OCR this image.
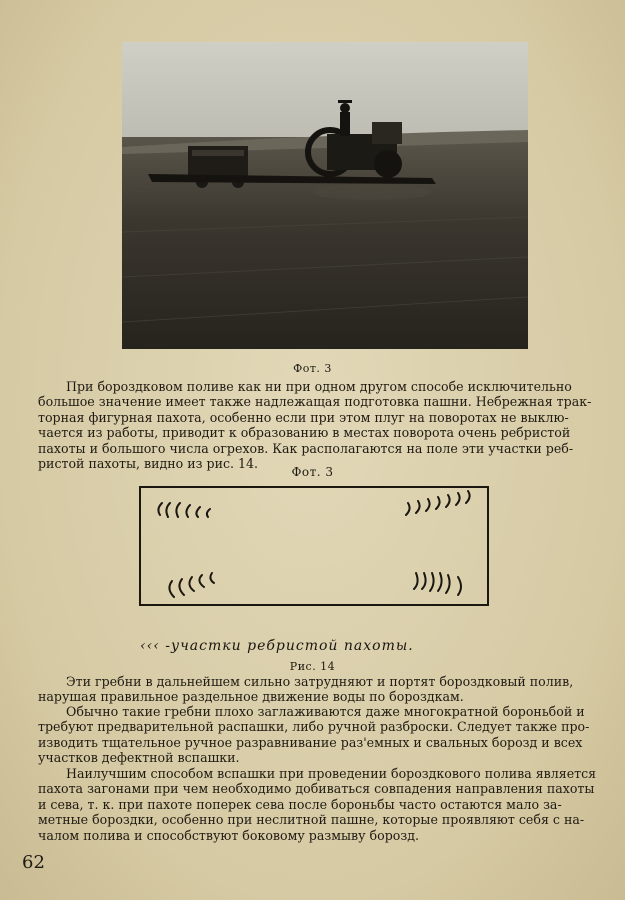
Фот. 3
При бороздковом поливе как ни при одном другом способе исключительно
большое значение имеет также надлежащая подготовка пашни. Небрежная трак-
торная фигурная пахота, особенно если при этом плуг на поворотах не выклю-
чается из работы, приводит к образованию в местах поворота очень ребристой
пахоты и большого числа огрехов. Как располагаются на поле эти участки реб-
ристой пахоты, видно из рис. 14.
Фот. 3
‹‹‹ -участки ребристой пахоты.
Рис. 14
Эти гребни в дальнейшем сильно затрудняют и портят бороздковый полив,
нарушая правильное раздельное движение воды по бороздкам.
Обычно такие гребни плохо заглаживаются даже многократной бороньбой и
требуют предварительной распашки, либо ручной разброски. Следует также про-
изводить тщательное ручное разравнивание раз'емных и свальных борозд и всех
участков дефектной вспашки.
Наилучшим способом вспашки при проведении бороздкового полива является
пахота загонами при чем необходимо добиваться совпадения направления пахоты
и сева, т. к. при пахоте поперек сева после бороньбы часто остаются мало за-
метные бороздки, особенно при неслитной пашне, которые проявляют себя с на-
чалом полива и способствуют боковому размыву борозд.
62
